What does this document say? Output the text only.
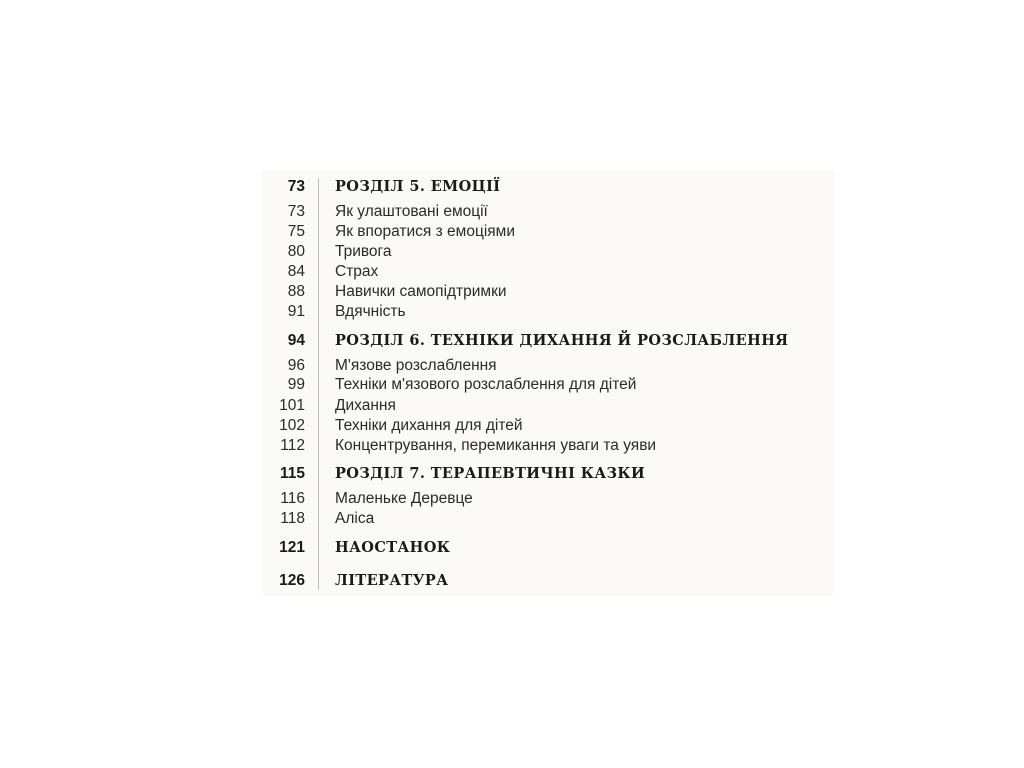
73 РОЗДІЛ 5. ЕМОЦІЇ
73 Як улаштовані емоції
75 Як впоратися з емоціями
80 Тривога
84 Страх
88 Навички самопідтримки
91 Вдячність
94 РОЗДІЛ 6. ТЕХНІКИ ДИХАННЯ Й РОЗСЛАБЛЕННЯ
96 М'язове розслаблення
99 Техніки м'язового розслаблення для дітей
101 Дихання
102 Техніки дихання для дітей
112 Концентрування, перемикання уваги та уяви
115 РОЗДІЛ 7. ТЕРАПЕВТИЧНІ КАЗКИ
116 Маленьке Деревце
118 Аліса
121 НАОСТАНОК
126 ЛІТЕРАТУРА
